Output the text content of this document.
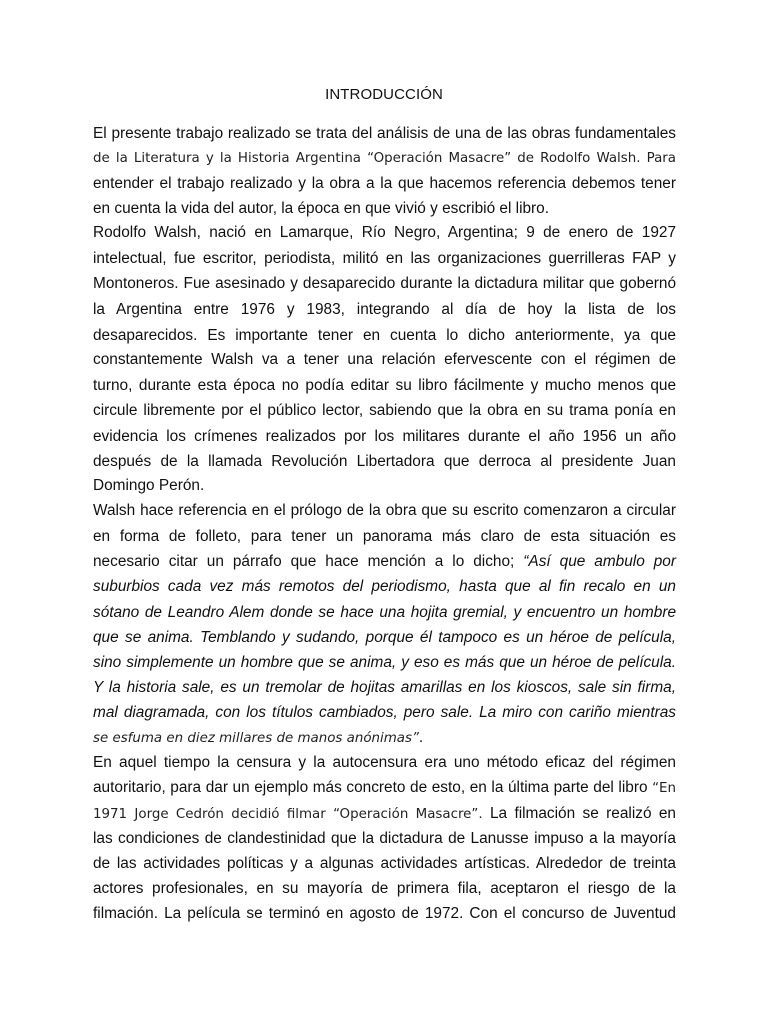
INTRODUCCIÓN
El presente trabajo realizado se trata del análisis de una de las obras fundamentales
de la Literatura y la Historia Argentina “Operación Masacre” de Rodolfo Walsh. Para
entender el trabajo realizado y la obra a la que hacemos referencia debemos tener
en cuenta la vida del autor, la época en que vivió y escribió el libro.
Rodolfo Walsh, nació en Lamarque, Río Negro, Argentina; 9 de enero de 1927
intelectual, fue escritor, periodista, militó en las organizaciones guerrilleras FAP y
Montoneros. Fue asesinado y desaparecido durante la dictadura militar que gobernó
la Argentina entre 1976 y 1983, integrando al día de hoy la lista de los
desaparecidos. Es importante tener en cuenta lo dicho anteriormente, ya que
constantemente Walsh va a tener una relación efervescente con el régimen de
turno, durante esta época no podía editar su libro fácilmente y mucho menos que
circule libremente por el público lector, sabiendo que la obra en su trama ponía en
evidencia los crímenes realizados por los militares durante el año 1956 un año
después de la llamada Revolución Libertadora que derroca al presidente Juan
Domingo Perón.
Walsh hace referencia en el prólogo de la obra que su escrito comenzaron a circular
en forma de folleto, para tener un panorama más claro de esta situación es
necesario citar un párrafo que hace mención a lo dicho; “Así que ambulo por
suburbios cada vez más remotos del periodismo, hasta que al fin recalo en un
sótano de Leandro Alem donde se hace una hojita gremial, y encuentro un hombre
que se anima. Temblando y sudando, porque él tampoco es un héroe de película,
sino simplemente un hombre que se anima, y eso es más que un héroe de película.
Y la historia sale, es un tremolar de hojitas amarillas en los kioscos, sale sin firma,
mal diagramada, con los títulos cambiados, pero sale. La miro con cariño mientras
se esfuma en diez millares de manos anónimas”.
En aquel tiempo la censura y la autocensura era uno método eficaz del régimen
autoritario, para dar un ejemplo más concreto de esto, en la última parte del libro “En
1971 Jorge Cedrón decidió filmar “Operación Masacre”. La filmación se realizó en
las condiciones de clandestinidad que la dictadura de Lanusse impuso a la mayoría
de las actividades políticas y a algunas actividades artísticas. Alrededor de treinta
actores profesionales, en su mayoría de primera fila, aceptaron el riesgo de la
filmación. La película se terminó en agosto de 1972. Con el concurso de Juventud
